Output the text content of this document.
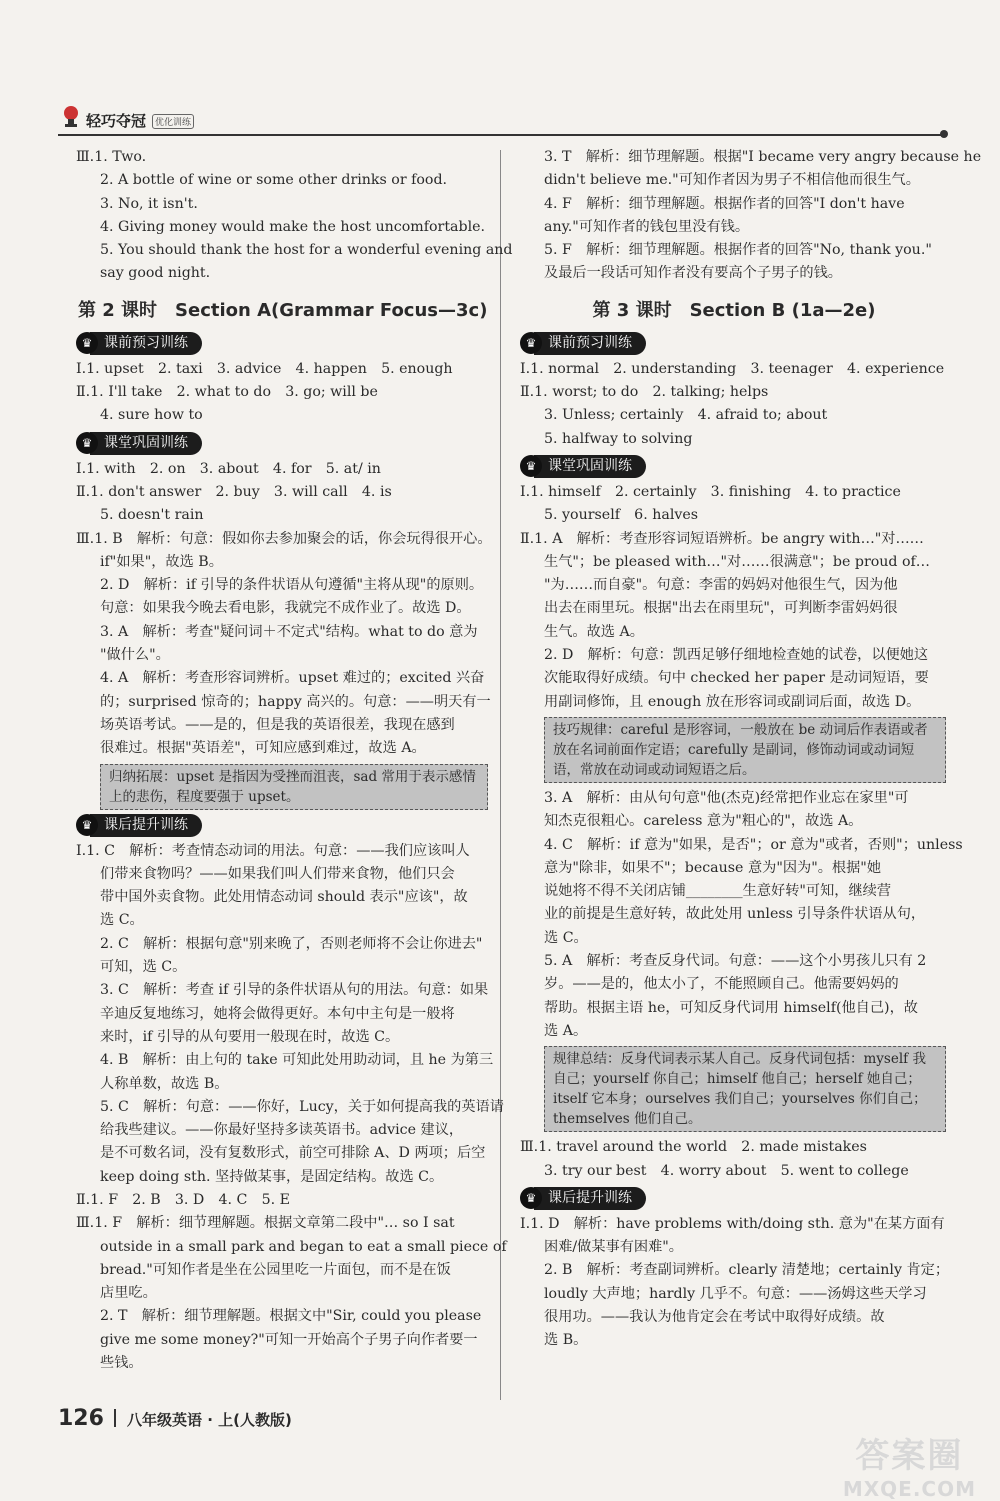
轻巧夺冠 优化训练
Ⅲ.1. Two.
2. A bottle of wine or some other drinks or food.
3. No, it isn't.
4. Giving money would make the host uncomfortable.
5. You should thank the host for a wonderful evening and
say good night.
第 2 课时　Section A(Grammar Focus—3c)
♛ 课前预习训练
Ⅰ.1. upset　2. taxi　3. advice　4. happen　5. enough
Ⅱ.1. I'll take　2. what to do　3. go; will be
4. sure how to
♛ 课堂巩固训练
Ⅰ.1. with　2. on　3. about　4. for　5. at/ in
Ⅱ.1. don't answer　2. buy　3. will call　4. is
5. doesn't rain
Ⅲ.1. B　解析：句意：假如你去参加聚会的话，你会玩得很开心。
if"如果"，故选 B。
2. D　解析：if 引导的条件状语从句遵循"主将从现"的原则。
句意：如果我今晚去看电影，我就完不成作业了。故选 D。
3. A　解析：考查"疑问词＋不定式"结构。what to do 意为
"做什么"。
4. A　解析：考查形容词辨析。upset 难过的；excited 兴奋
的；surprised 惊奇的；happy 高兴的。句意：——明天有一
场英语考试。——是的，但是我的英语很差，我现在感到
很难过。根据"英语差"，可知应感到难过，故选 A。
归纳拓展：upset 是指因为受挫而沮丧，sad 常用于表示感情上的悲伤，程度要强于 upset。
♛ 课后提升训练
Ⅰ.1. C　解析：考查情态动词的用法。句意：——我们应该叫人
们带来食物吗？——如果我们叫人们带来食物，他们只会
带中国外卖食物。此处用情态动词 should 表示"应该"，故
选 C。
2. C　解析：根据句意"别来晚了，否则老师将不会让你进去"
可知，选 C。
3. C　解析：考查 if 引导的条件状语从句的用法。句意：如果
辛迪反复地练习，她将会做得更好。本句中主句是一般将
来时，if 引导的从句要用一般现在时，故选 C。
4. B　解析：由上句的 take 可知此处用助动词，且 he 为第三
人称单数，故选 B。
5. C　解析：句意：——你好，Lucy，关于如何提高我的英语请
给我些建议。——你最好坚持多读英语书。advice 建议，
是不可数名词，没有复数形式，前空可排除 A、D 两项；后空
keep doing sth. 坚持做某事，是固定结构。故选 C。
Ⅱ.1. F　2. B　3. D　4. C　5. E
Ⅲ.1. F　解析：细节理解题。根据文章第二段中"… so I sat
outside in a small park and began to eat a small piece of
bread."可知作者是坐在公园里吃一片面包，而不是在饭
店里吃。
2. T　解析：细节理解题。根据文中"Sir, could you please
give me some money?"可知一开始高个子男子向作者要一
些钱。
3. T　解析：细节理解题。根据"I became very angry because he
didn't believe me."可知作者因为男子不相信他而很生气。
4. F　解析：细节理解题。根据作者的回答"I don't have
any."可知作者的钱包里没有钱。
5. F　解析：细节理解题。根据作者的回答"No, thank you."
及最后一段话可知作者没有要高个子男子的钱。
第 3 课时　Section B (1a—2e)
♛ 课前预习训练
Ⅰ.1. normal　2. understanding　3. teenager　4. experience
Ⅱ.1. worst; to do　2. talking; helps
3. Unless; certainly　4. afraid to; about
5. halfway to solving
♛ 课堂巩固训练
Ⅰ.1. himself　2. certainly　3. finishing　4. to practice
5. yourself　6. halves
Ⅱ.1. A　解析：考查形容词短语辨析。be angry with…"对……
生气"；be pleased with…"对……很满意"；be proud of…
"为……而自豪"。句意：李雷的妈妈对他很生气，因为他
出去在雨里玩。根据"出去在雨里玩"，可判断李雷妈妈很
生气。故选 A。
2. D　解析：句意：凯西足够仔细地检查她的试卷，以便她这
次能取得好成绩。句中 checked her paper 是动词短语，要
用副词修饰，且 enough 放在形容词或副词后面，故选 D。
技巧规律：careful 是形容词，一般放在 be 动词后作表语或者放在名词前面作定语；carefully 是副词，修饰动词或动词短语，常放在动词或动词短语之后。
3. A　解析：由从句句意"他(杰克)经常把作业忘在家里"可
知杰克很粗心。careless 意为"粗心的"，故选 A。
4. C　解析：if 意为"如果，是否"；or 意为"或者，否则"；unless
意为"除非，如果不"；because 意为"因为"。根据"她
说她将不得不关闭店铺________生意好转"可知，继续营
业的前提是生意好转，故此处用 unless 引导条件状语从句，
选 C。
5. A　解析：考查反身代词。句意：——这个小男孩儿只有 2
岁。——是的，他太小了，不能照顾自己。他需要妈妈的
帮助。根据主语 he，可知反身代词用 himself(他自己)，故
选 A。
规律总结：反身代词表示某人自己。反身代词包括：myself 我自己；yourself 你自己；himself 他自己；herself 她自己；itself 它本身；ourselves 我们自己；yourselves 你们自己；themselves 他们自己。
Ⅲ.1. travel around the world　2. made mistakes
3. try our best　4. worry about　5. went to college
♛ 课后提升训练
Ⅰ.1. D　解析：have problems with/doing sth. 意为"在某方面有
困难/做某事有困难"。
2. B　解析：考查副词辨析。clearly 清楚地；certainly 肯定；
loudly 大声地；hardly 几乎不。句意：——汤姆这些天学习
很用功。——我认为他肯定会在考试中取得好成绩。故
选 B。
126 八年级英语 · 上(人教版)
答案圈
MXQE.COM
